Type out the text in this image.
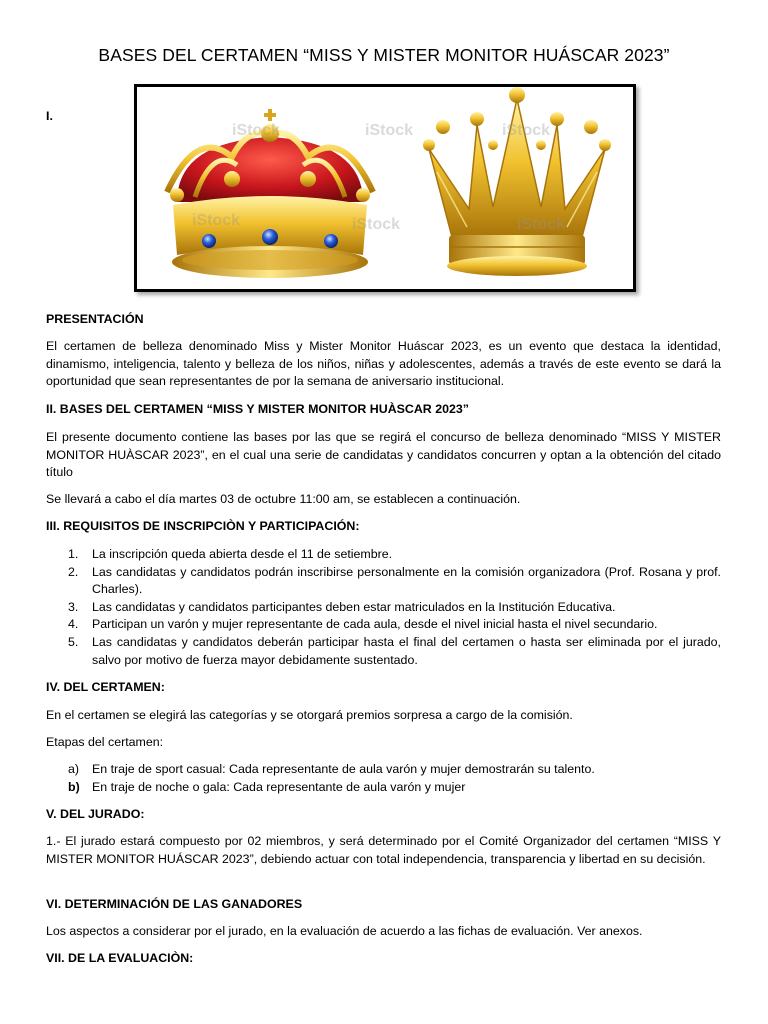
BASES DEL CERTAMEN “MISS Y MISTER MONITOR HUÁSCAR 2023”
I.
iStock	iStock	iStock
iStock	iStock	iStock

PRESENTACIÓN

El certamen de belleza denominado Miss y Mister Monitor Huáscar 2023, es un evento que destaca la identidad, dinamismo, inteligencia, talento y belleza de los niños, niñas y adolescentes, además a través de este evento se dará la oportunidad que sean representantes de por la semana de aniversario institucional.

II. BASES DEL CERTAMEN “MISS Y MISTER MONITOR HUÀSCAR 2023”

El presente documento contiene las bases por las que se regirá el concurso de belleza denominado “MISS Y MISTER MONITOR HUÀSCAR 2023”, en el cual una serie de candidatas y candidatos concurren y optan a la obtención del citado título

Se llevará a cabo el día martes 03 de octubre 11:00 am, se establecen a continuación.

III. REQUISITOS DE INSCRIPCIÒN Y PARTICIPACIÓN:

1. La inscripción queda abierta desde el 11 de setiembre.
2. Las candidatas y candidatos podrán inscribirse personalmente en la comisión organizadora (Prof. Rosana y prof. Charles).
3. Las candidatas y candidatos participantes deben estar matriculados en la Institución Educativa.
4. Participan un varón y mujer representante de cada aula, desde el nivel inicial hasta el nivel secundario.
5. Las candidatas y candidatos deberán participar hasta el final del certamen o hasta ser eliminada por el jurado, salvo por motivo de fuerza mayor debidamente sustentado.

IV. DEL CERTAMEN:

En el certamen se elegirá las categorías y se otorgará premios sorpresa a cargo de la comisión.

Etapas del certamen:

a) En traje de sport casual: Cada representante de aula varón y mujer demostrarán su talento.
b) En traje de noche o gala: Cada representante de aula varón y mujer

V. DEL JURADO:

1.- El jurado estará compuesto por 02 miembros, y será determinado por el Comité Organizador del certamen “MISS Y MISTER MONITOR HUÁSCAR 2023”, debiendo actuar con total independencia, transparencia y libertad en su decisión.

VI. DETERMINACIÓN DE LAS GANADORES

Los aspectos a considerar por el jurado, en la evaluación de acuerdo a las fichas de evaluación. Ver anexos.

VII. DE LA EVALUACIÒN:
